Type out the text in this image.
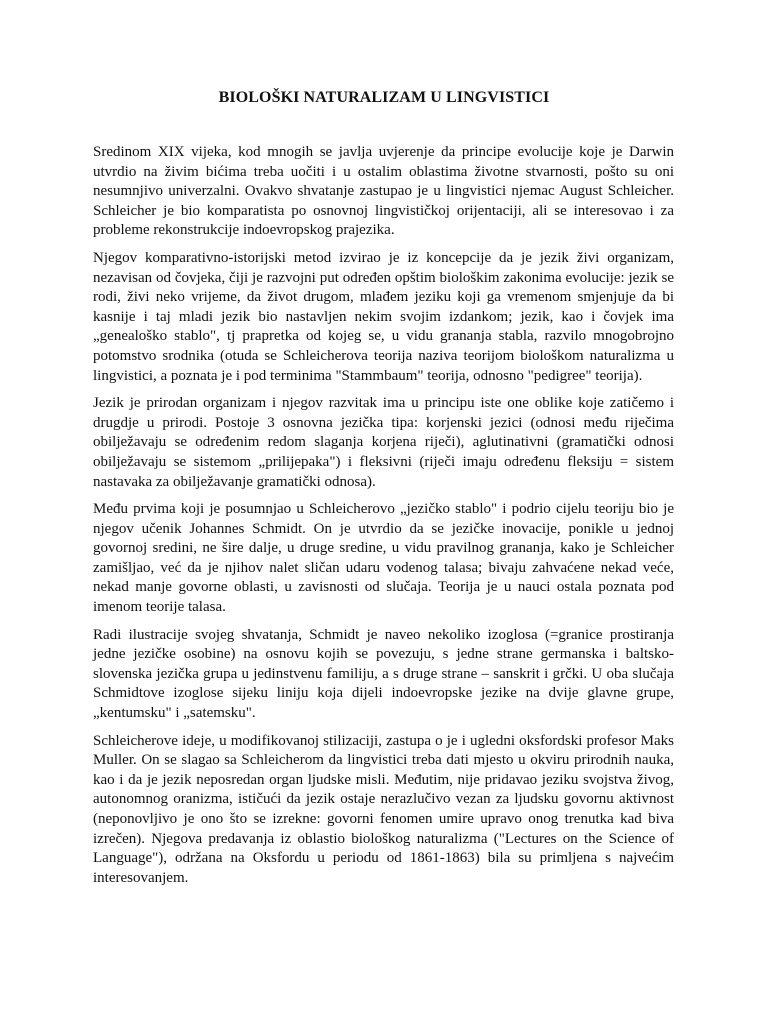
BIOLOŠKI NATURALIZAM U LINGVISTICI

Sredinom XIX vijeka, kod mnogih se javlja uvjerenje da principe evolucije koje je Darwin utvrdio na živim bićima treba uočiti i u ostalim oblastima životne stvarnosti, pošto su oni nesumnjivo univerzalni. Ovakvo shvatanje zastupao je u lingvistici njemac August Schleicher. Schleicher je bio komparatista po osnovnoj lingvističkoj orijentaciji, ali se interesovao i za probleme rekonstrukcije indoevropskog prajezika.

Njegov komparativno-istorijski metod izvirao je iz koncepcije da je jezik živi organizam, nezavisan od čovjeka, čiji je razvojni put određen opštim biološkim zakonima evolucije: jezik se rodi, živi neko vrijeme, da život drugom, mlađem jeziku koji ga vremenom smjenjuje da bi kasnije i taj mladi jezik bio nastavljen nekim svojim izdankom; jezik, kao i čovjek ima „genealoško stablo", tj prapretka od kojeg se, u vidu grananja stabla, razvilo mnogobrojno potomstvo srodnika (otuda se Schleicherova teorija naziva teorijom biološkom naturalizma u lingvistici, a poznata je i pod terminima "Stammbaum" teorija, odnosno "pedigree" teorija).

Jezik je prirodan organizam i njegov razvitak ima u principu iste one oblike koje zatičemo i drugdje u prirodi. Postoje 3 osnovna jezička tipa: korjenski jezici (odnosi među riječima obilježavaju se određenim redom slaganja korjena riječi), aglutinativni (gramatički odnosi obilježavaju se sistemom „prilijepaka") i fleksivni (riječi imaju određenu fleksiju = sistem nastavaka za obilježavanje gramatički odnosa).

Među prvima koji je posumnjao u Schleicherovo „jezičko stablo" i podrio cijelu teoriju bio je njegov učenik Johannes Schmidt. On je utvrdio da se jezičke inovacije, ponikle u jednoj govornoj sredini, ne šire dalje, u druge sredine, u vidu pravilnog grananja, kako je Schleicher zamišljao, već da je njihov nalet sličan udaru vodenog talasa; bivaju zahvaćene nekad veće, nekad manje govorne oblasti, u zavisnosti od slučaja. Teorija je u nauci ostala poznata pod imenom teorije talasa.

Radi ilustracije svojeg shvatanja, Schmidt je naveo nekoliko izoglosa (=granice prostiranja jedne jezičke osobine) na osnovu kojih se povezuju, s jedne strane germanska i baltsko-slovenska jezička grupa u jedinstvenu familiju, a s druge strane – sanskrit i grčki. U oba slučaja Schmidtove izoglose sijeku liniju koja dijeli indoevropske jezike na dvije glavne grupe, „kentumsku" i „satemsku".

Schleicherove ideje, u modifikovanoj stilizaciji, zastupa o je i ugledni oksfordski profesor Maks Muller. On se slagao sa Schleicherom da lingvistici treba dati mjesto u okviru prirodnih nauka, kao i da je jezik neposredan organ ljudske misli. Međutim, nije pridavao jeziku svojstva živog, autonomnog oranizma, ističući da jezik ostaje nerazlučivo vezan za ljudsku govornu aktivnost (neponovljivo je ono što se izrekne: govorni fenomen umire upravo onog trenutka kad biva izrečen). Njegova predavanja iz oblastio biološkog naturalizma ("Lectures on the Science of Language"), održana na Oksfordu u periodu od 1861-1863) bila su primljena s najvećim interesovanjem.
